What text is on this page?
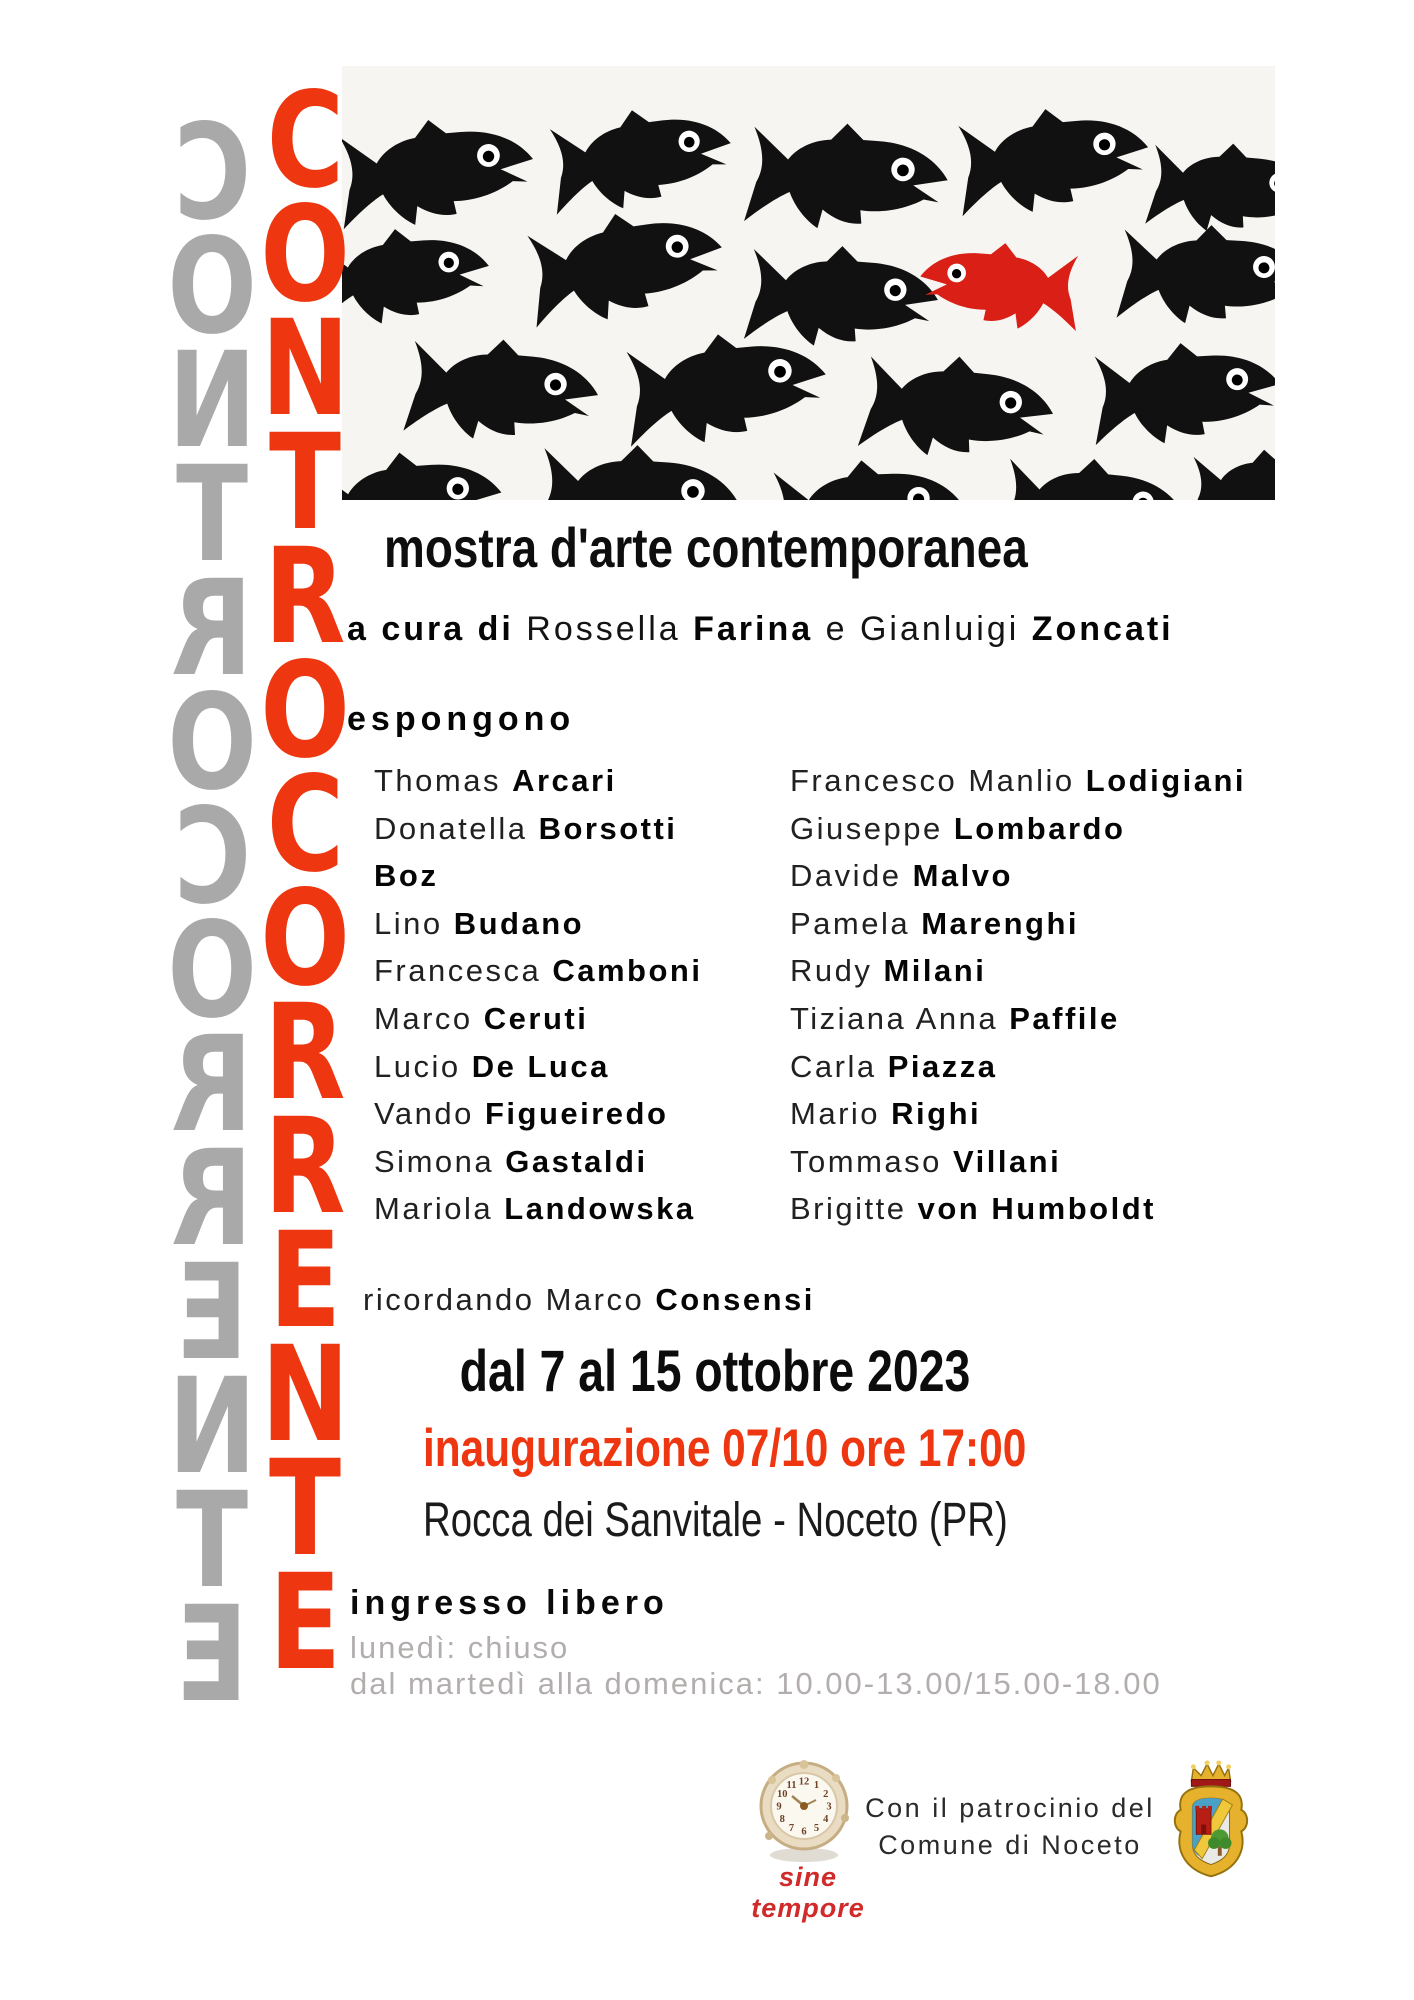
C
O
N
T
R
O
C
O
R
R
E
N
T
E
C
O
N
T
R
O
C
O
R
R
E
N
T
E
mostra d'arte contemporanea
a cura di Rossella Farina e Gianluigi Zoncati
espongono
Thomas Arcari
Donatella Borsotti
Boz
Lino Budano
Francesca Camboni
Marco Ceruti
Lucio De Luca
Vando Figueiredo
Simona Gastaldi
Mariola Landowska
Francesco Manlio Lodigiani
Giuseppe Lombardo
Davide Malvo
Pamela Marenghi
Rudy Milani
Tiziana Anna Paffile
Carla Piazza
Mario Righi
Tommaso Villani
Brigitte von Humboldt
ricordando Marco Consensi
dal 7 al 15 ottobre 2023
inaugurazione 07/10 ore 17:00
Rocca dei Sanvitale - Noceto (PR)
ingresso libero
lunedì: chiuso
dal martedì alla domenica: 10.00-13.00/15.00-18.00
1
2
3
4
5
6
7
8
9
10
11 12
sine tempore
Con il patrocinio del
Comune di Noceto
